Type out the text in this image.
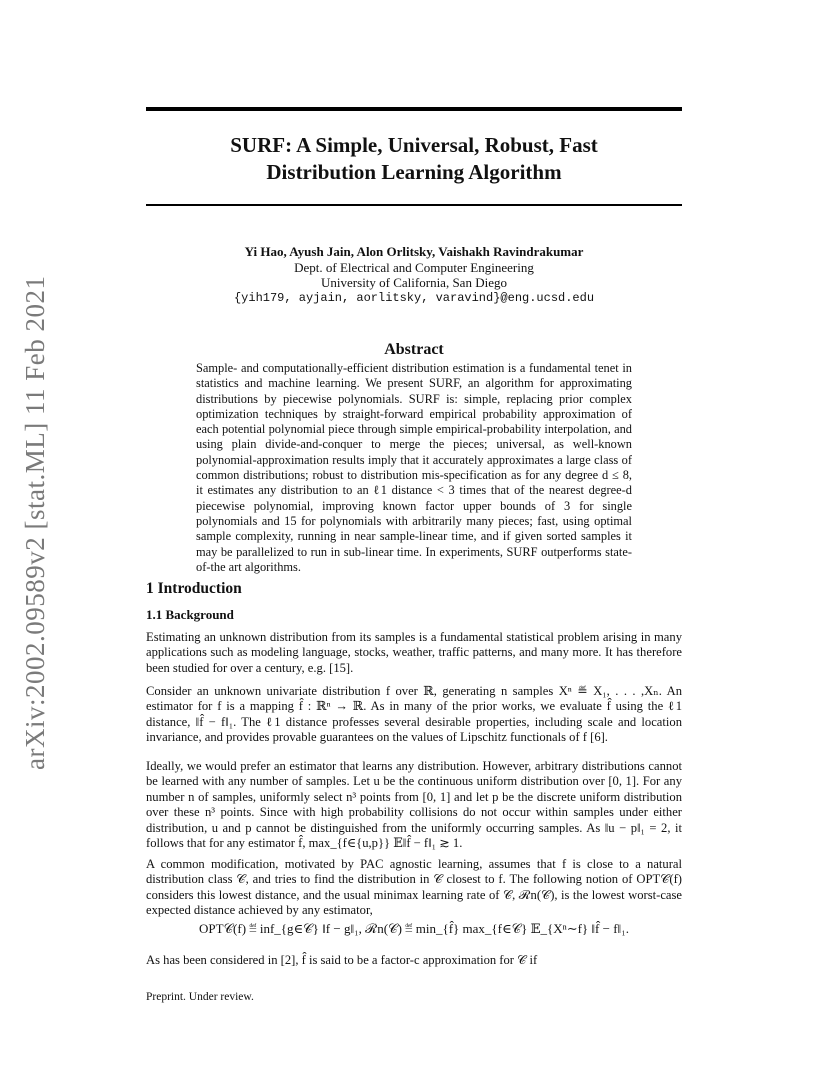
arXiv:2002.09589v2 [stat.ML] 11 Feb 2021
SURF: A Simple, Universal, Robust, Fast
Distribution Learning Algorithm
Yi Hao, Ayush Jain, Alon Orlitsky, Vaishakh Ravindrakumar
Dept. of Electrical and Computer Engineering
University of California, San Diego
{yih179, ayjain, aorlitsky, varavind}@eng.ucsd.edu
Abstract
Sample- and computationally-efficient distribution estimation is a fundamental tenet in statistics and machine learning. We present SURF, an algorithm for approximating distributions by piecewise polynomials. SURF is: simple, replacing prior complex optimization techniques by straight-forward empirical probability approximation of each potential polynomial piece through simple empirical-probability interpolation, and using plain divide-and-conquer to merge the pieces; universal, as well-known polynomial-approximation results imply that it accurately approximates a large class of common distributions; robust to distribution mis-specification as for any degree d ≤ 8, it estimates any distribution to an ℓ1 distance < 3 times that of the nearest degree-d piecewise polynomial, improving known factor upper bounds of 3 for single polynomials and 15 for polynomials with arbitrarily many pieces; fast, using optimal sample complexity, running in near sample-linear time, and if given sorted samples it may be parallelized to run in sub-linear time. In experiments, SURF outperforms state-of-the art algorithms.
1 Introduction
1.1 Background
Estimating an unknown distribution from its samples is a fundamental statistical problem arising in many applications such as modeling language, stocks, weather, traffic patterns, and many more. It has therefore been studied for over a century, e.g. [15].
Consider an unknown univariate distribution f over ℝ, generating n samples Xⁿ ≝ X₁, . . . ,Xₙ. An estimator for f is a mapping f̂ : ℝⁿ → ℝ. As in many of the prior works, we evaluate f̂ using the ℓ1 distance, ‖f̂ − f‖₁. The ℓ1 distance professes several desirable properties, including scale and location invariance, and provides provable guarantees on the values of Lipschitz functionals of f [6].
Ideally, we would prefer an estimator that learns any distribution. However, arbitrary distributions cannot be learned with any number of samples. Let u be the continuous uniform distribution over [0, 1]. For any number n of samples, uniformly select n³ points from [0, 1] and let p be the discrete uniform distribution over these n³ points. Since with high probability collisions do not occur within samples under either distribution, u and p cannot be distinguished from the uniformly occurring samples. As ‖u − p‖₁ = 2, it follows that for any estimator f̂, max_{f∈{u,p}} 𝔼‖f̂ − f‖₁ ≳ 1.
A common modification, motivated by PAC agnostic learning, assumes that f is close to a natural distribution class 𝒞, and tries to find the distribution in 𝒞 closest to f. The following notion of OPT𝒞(f) considers this lowest distance, and the usual minimax learning rate of 𝒞, ℛn(𝒞), is the lowest worst-case expected distance achieved by any estimator,
OPT𝒞(f) ≝ inf_{g∈𝒞} ‖f − g‖₁, ℛn(𝒞) ≝ min_{f̂} max_{f∈𝒞} 𝔼_{Xⁿ∼f} ‖f̂ − f‖₁.
As has been considered in [2], f̂ is said to be a factor-c approximation for 𝒞 if
Preprint. Under review.
